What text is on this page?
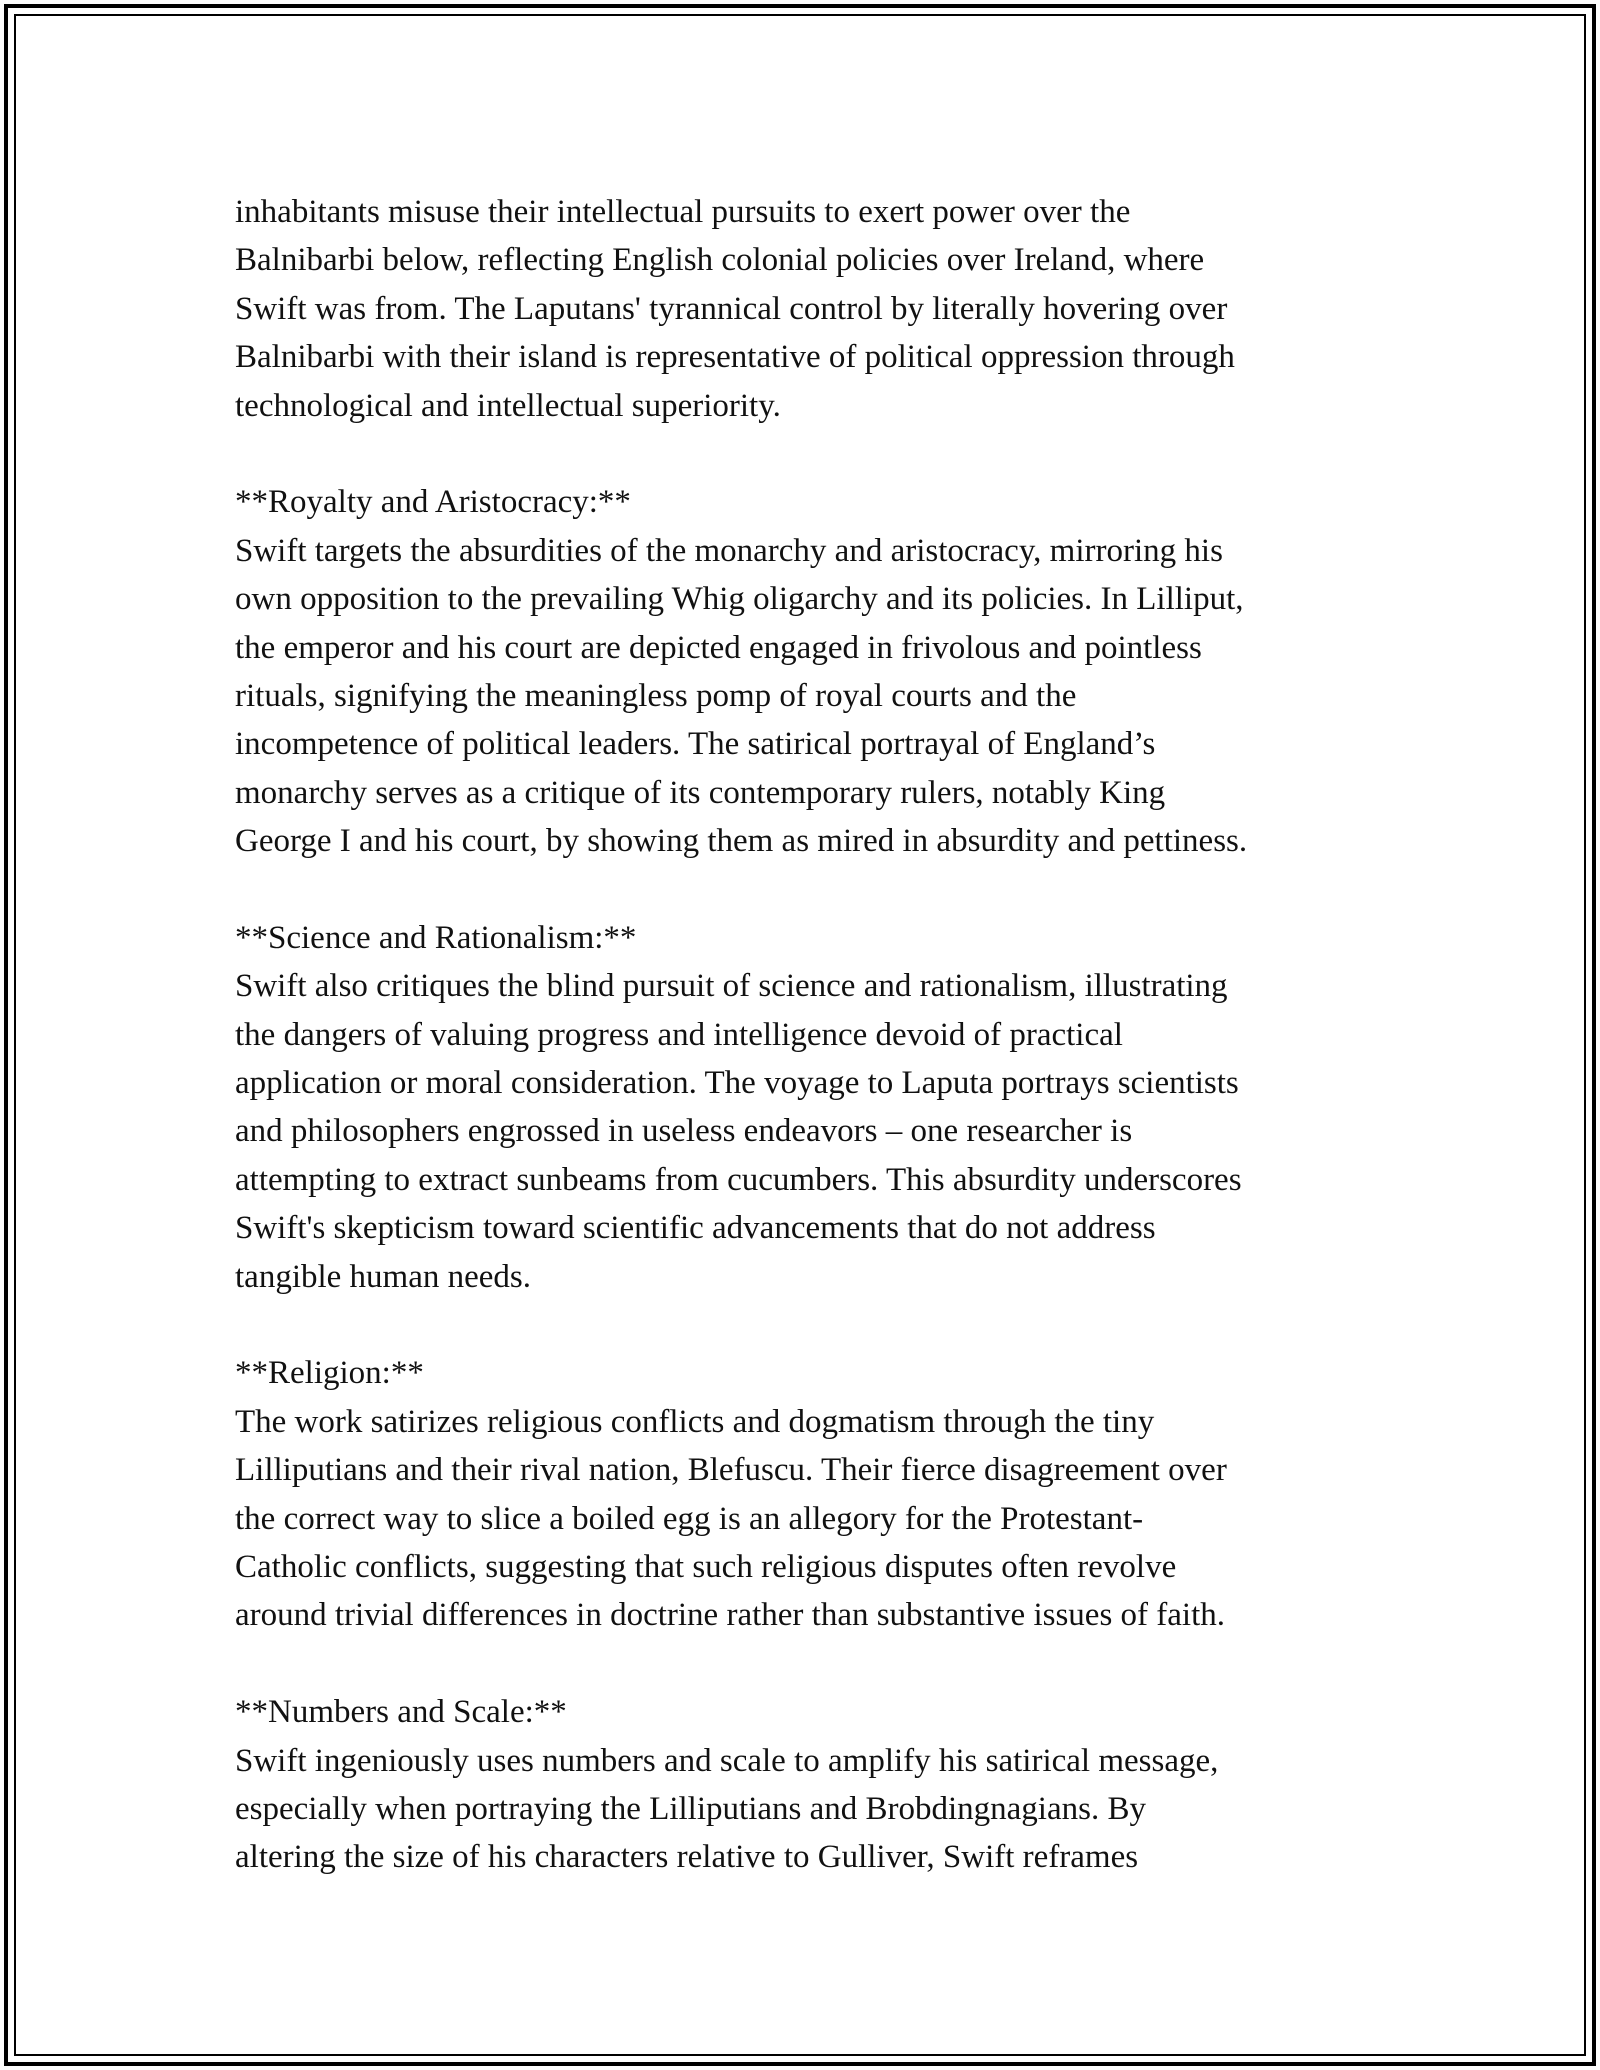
inhabitants misuse their intellectual pursuits to exert power over the
Balnibarbi below, reflecting English colonial policies over Ireland, where
Swift was from. The Laputans' tyrannical control by literally hovering over
Balnibarbi with their island is representative of political oppression through
technological and intellectual superiority.
**Royalty and Aristocracy:**
Swift targets the absurdities of the monarchy and aristocracy, mirroring his
own opposition to the prevailing Whig oligarchy and its policies. In Lilliput,
the emperor and his court are depicted engaged in frivolous and pointless
rituals, signifying the meaningless pomp of royal courts and the
incompetence of political leaders. The satirical portrayal of England’s
monarchy serves as a critique of its contemporary rulers, notably King
George I and his court, by showing them as mired in absurdity and pettiness.
**Science and Rationalism:**
Swift also critiques the blind pursuit of science and rationalism, illustrating
the dangers of valuing progress and intelligence devoid of practical
application or moral consideration. The voyage to Laputa portrays scientists
and philosophers engrossed in useless endeavors – one researcher is
attempting to extract sunbeams from cucumbers. This absurdity underscores
Swift's skepticism toward scientific advancements that do not address
tangible human needs.
**Religion:**
The work satirizes religious conflicts and dogmatism through the tiny
Lilliputians and their rival nation, Blefuscu. Their fierce disagreement over
the correct way to slice a boiled egg is an allegory for the Protestant-
Catholic conflicts, suggesting that such religious disputes often revolve
around trivial differences in doctrine rather than substantive issues of faith.
**Numbers and Scale:**
Swift ingeniously uses numbers and scale to amplify his satirical message,
especially when portraying the Lilliputians and Brobdingnagians. By
altering the size of his characters relative to Gulliver, Swift reframes
